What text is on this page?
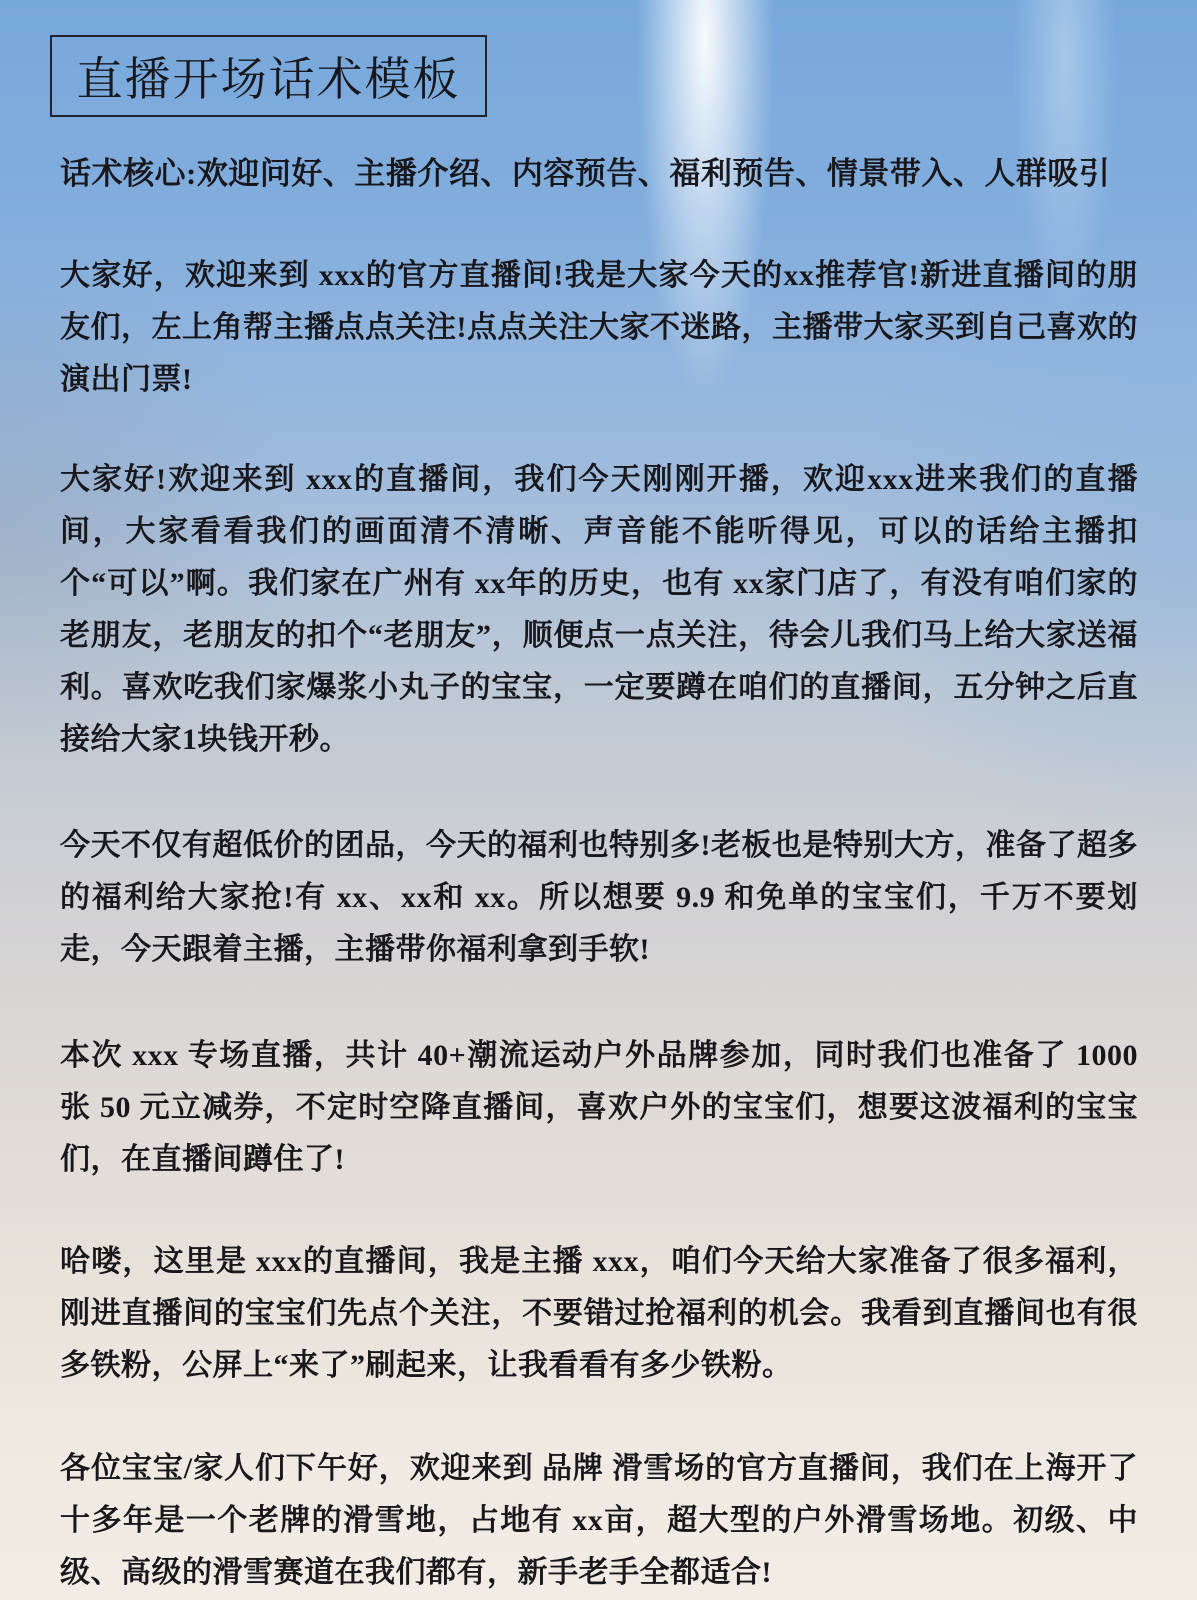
直播开场话术模板
话术核心:欢迎问好、主播介绍、内容预告、福利预告、情景带入、人群吸引
大家好，欢迎来到 xxx的官方直播间!我是大家今天的xx推荐官!新进直播间的朋友们，左上角帮主播点点关注!点点关注大家不迷路，主播带大家买到自己喜欢的演出门票!
大家好!欢迎来到 xxx的直播间，我们今天刚刚开播，欢迎xxx进来我们的直播间，大家看看我们的画面清不清晰、声音能不能听得见，可以的话给主播扣个“可以”啊。我们家在广州有 xx年的历史，也有 xx家门店了，有没有咱们家的老朋友，老朋友的扣个“老朋友”，顺便点一点关注，待会儿我们马上给大家送福利。喜欢吃我们家爆浆小丸子的宝宝，一定要蹲在咱们的直播间，五分钟之后直接给大家1块钱开秒。
今天不仅有超低价的团品，今天的福利也特别多!老板也是特别大方，准备了超多的福利给大家抢!有 xx、xx和 xx。所以想要 9.9 和免单的宝宝们，千万不要划走，今天跟着主播，主播带你福利拿到手软!
本次 xxx 专场直播，共计 40+潮流运动户外品牌参加，同时我们也准备了 1000 张 50 元立减券，不定时空降直播间，喜欢户外的宝宝们，想要这波福利的宝宝们，在直播间蹲住了!
哈喽，这里是 xxx的直播间，我是主播 xxx，咱们今天给大家准备了很多福利，刚进直播间的宝宝们先点个关注，不要错过抢福利的机会。我看到直播间也有很多铁粉，公屏上“来了”刷起来，让我看看有多少铁粉。
各位宝宝/家人们下午好，欢迎来到 品牌 滑雪场的官方直播间，我们在上海开了十多年是一个老牌的滑雪地，占地有 xx亩，超大型的户外滑雪场地。初级、中级、高级的滑雪赛道在我们都有，新手老手全都适合!
